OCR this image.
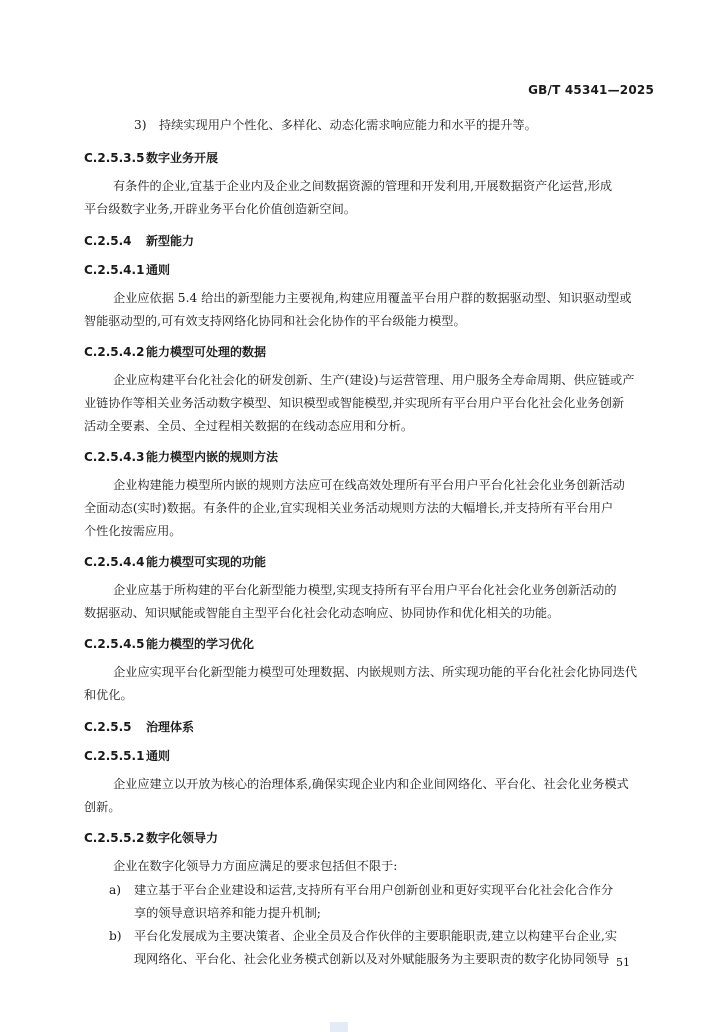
GB/T 45341—2025
3) 持续实现用户个性化、多样化、动态化需求响应能力和水平的提升等。
C.2.5.3.5 数字业务开展
有条件的企业,宜基于企业内及企业之间数据资源的管理和开发利用,开展数据资产化运营,形成
平台级数字业务,开辟业务平台化价值创造新空间。
C.2.5.4 新型能力
C.2.5.4.1 通则
企业应依据 5.4 给出的新型能力主要视角,构建应用覆盖平台用户群的数据驱动型、知识驱动型或
智能驱动型的,可有效支持网络化协同和社会化协作的平台级能力模型。
C.2.5.4.2 能力模型可处理的数据
企业应构建平台化社会化的研发创新、生产(建设)与运营管理、用户服务全寿命周期、供应链或产
业链协作等相关业务活动数字模型、知识模型或智能模型,并实现所有平台用户平台化社会化业务创新
活动全要素、全员、全过程相关数据的在线动态应用和分析。
C.2.5.4.3 能力模型内嵌的规则方法
企业构建能力模型所内嵌的规则方法应可在线高效处理所有平台用户平台化社会化业务创新活动
全面动态(实时)数据。有条件的企业,宜实现相关业务活动规则方法的大幅增长,并支持所有平台用户
个性化按需应用。
C.2.5.4.4 能力模型可实现的功能
企业应基于所构建的平台化新型能力模型,实现支持所有平台用户平台化社会化业务创新活动的
数据驱动、知识赋能或智能自主型平台化社会化动态响应、协同协作和优化相关的功能。
C.2.5.4.5 能力模型的学习优化
企业应实现平台化新型能力模型可处理数据、内嵌规则方法、所实现功能的平台化社会化协同迭代
和优化。
C.2.5.5 治理体系
C.2.5.5.1 通则
企业应建立以开放为核心的治理体系,确保实现企业内和企业间网络化、平台化、社会化业务模式
创新。
C.2.5.5.2 数字化领导力
企业在数字化领导力方面应满足的要求包括但不限于:
a) 建立基于平台企业建设和运营,支持所有平台用户创新创业和更好实现平台化社会化合作分
享的领导意识培养和能力提升机制;
b) 平台化发展成为主要决策者、企业全员及合作伙伴的主要职能职责,建立以构建平台企业,实
现网络化、平台化、社会化业务模式创新以及对外赋能服务为主要职责的数字化协同领导 51
